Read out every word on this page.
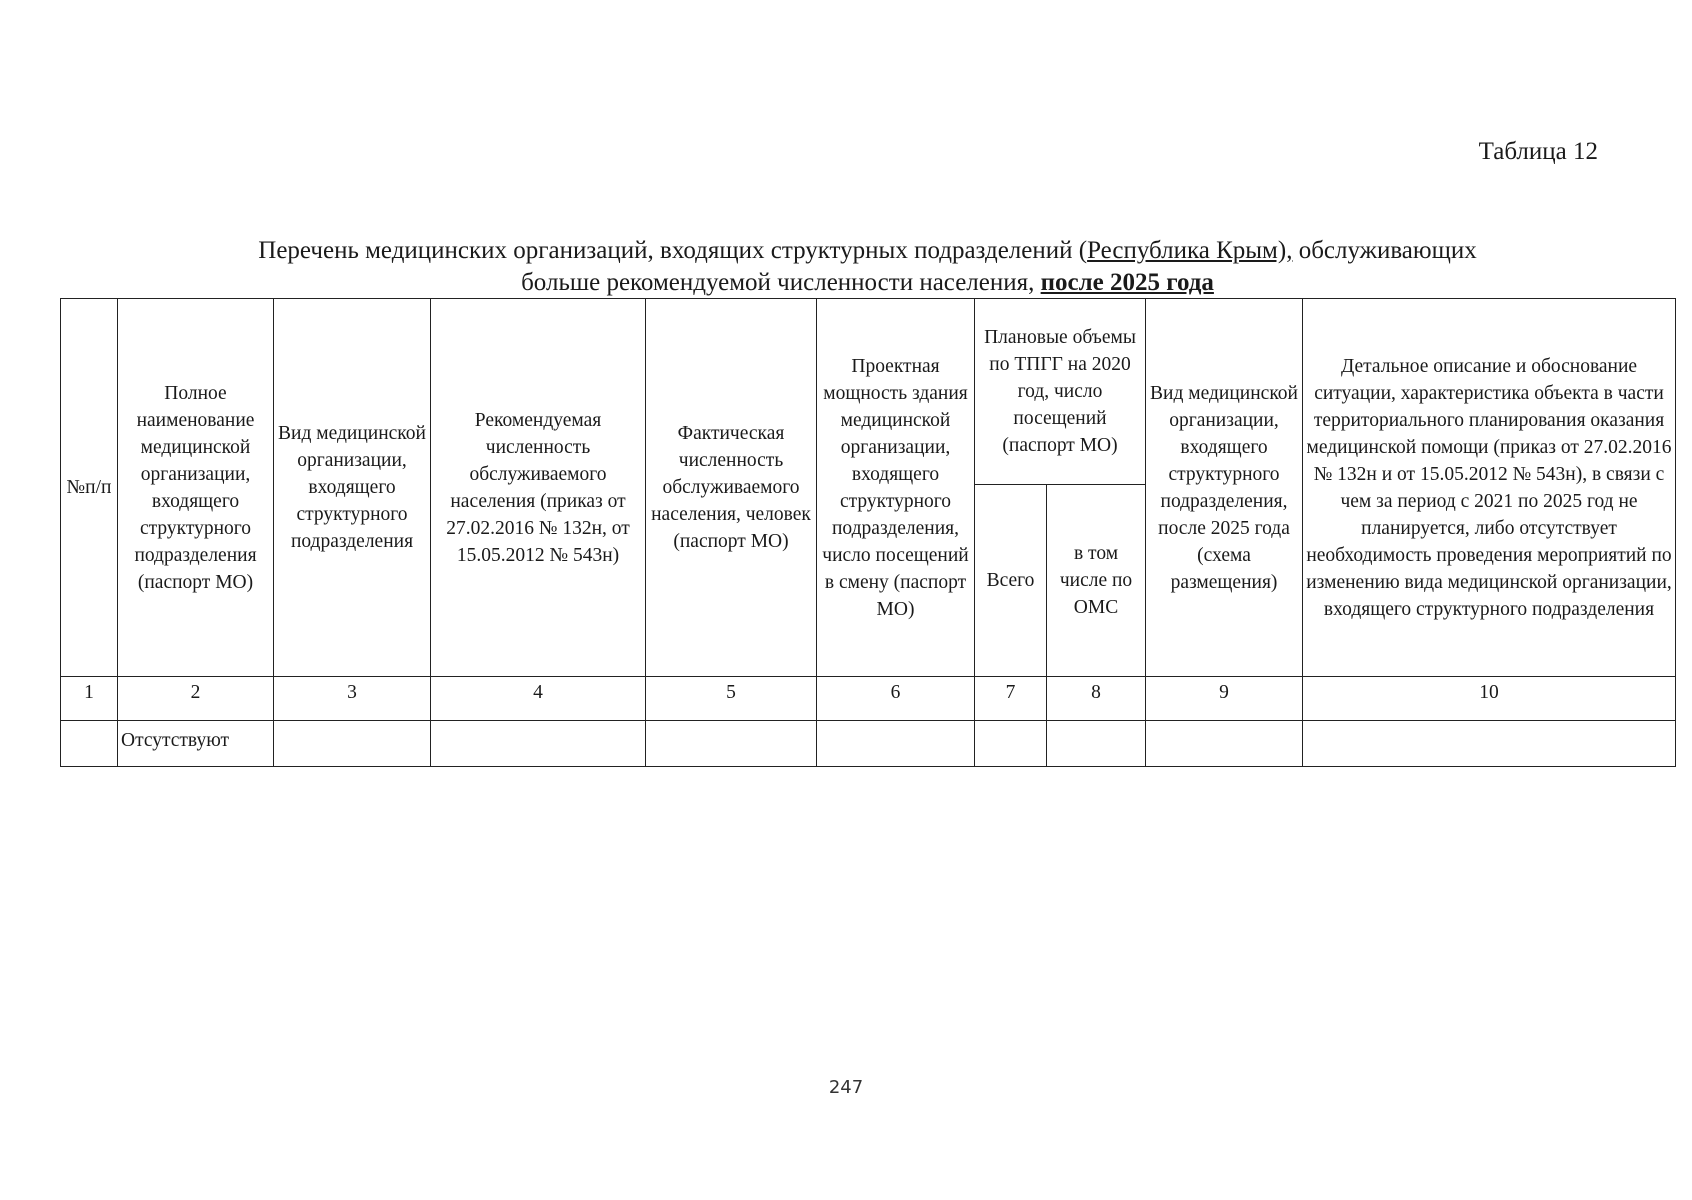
Таблица 12
Перечень медицинских организаций, входящих структурных подразделений (Республика Крым), обслуживающих
больше рекомендуемой численности населения, после 2025 года
№п/п	Полное наименование медицинской организации, входящего структурного подразделения (паспорт МО)	Вид медицинской организации, входящего структурного подразделения	Рекомендуемая численность обслуживаемого населения (приказ от 27.02.2016 № 132н, от 15.05.2012 № 543н)	Фактическая численность обслуживаемого населения, человек (паспорт МО)	Проектная мощность здания медицинской организации, входящего структурного подразделения, число посещений в смену (паспорт МО)	Плановые объемы по ТПГГ на 2020 год, число посещений (паспорт МО)		Вид медицинской организации, входящего структурного подразделения, после 2025 года (схема размещения)	Детальное описание и обоснование ситуации, характеристика объекта в части территориального планирования оказания медицинской помощи (приказ от 27.02.2016 № 132н и от 15.05.2012 № 543н), в связи с чем за период с 2021 по 2025 год не планируется, либо отсутствует необходимость проведения мероприятий по изменению вида медицинской организации, входящего структурного подразделения
						Всего	в том числе по ОМС		
1	2	3	4	5	6	7	8	9	10
	Отсутствуют								
247
